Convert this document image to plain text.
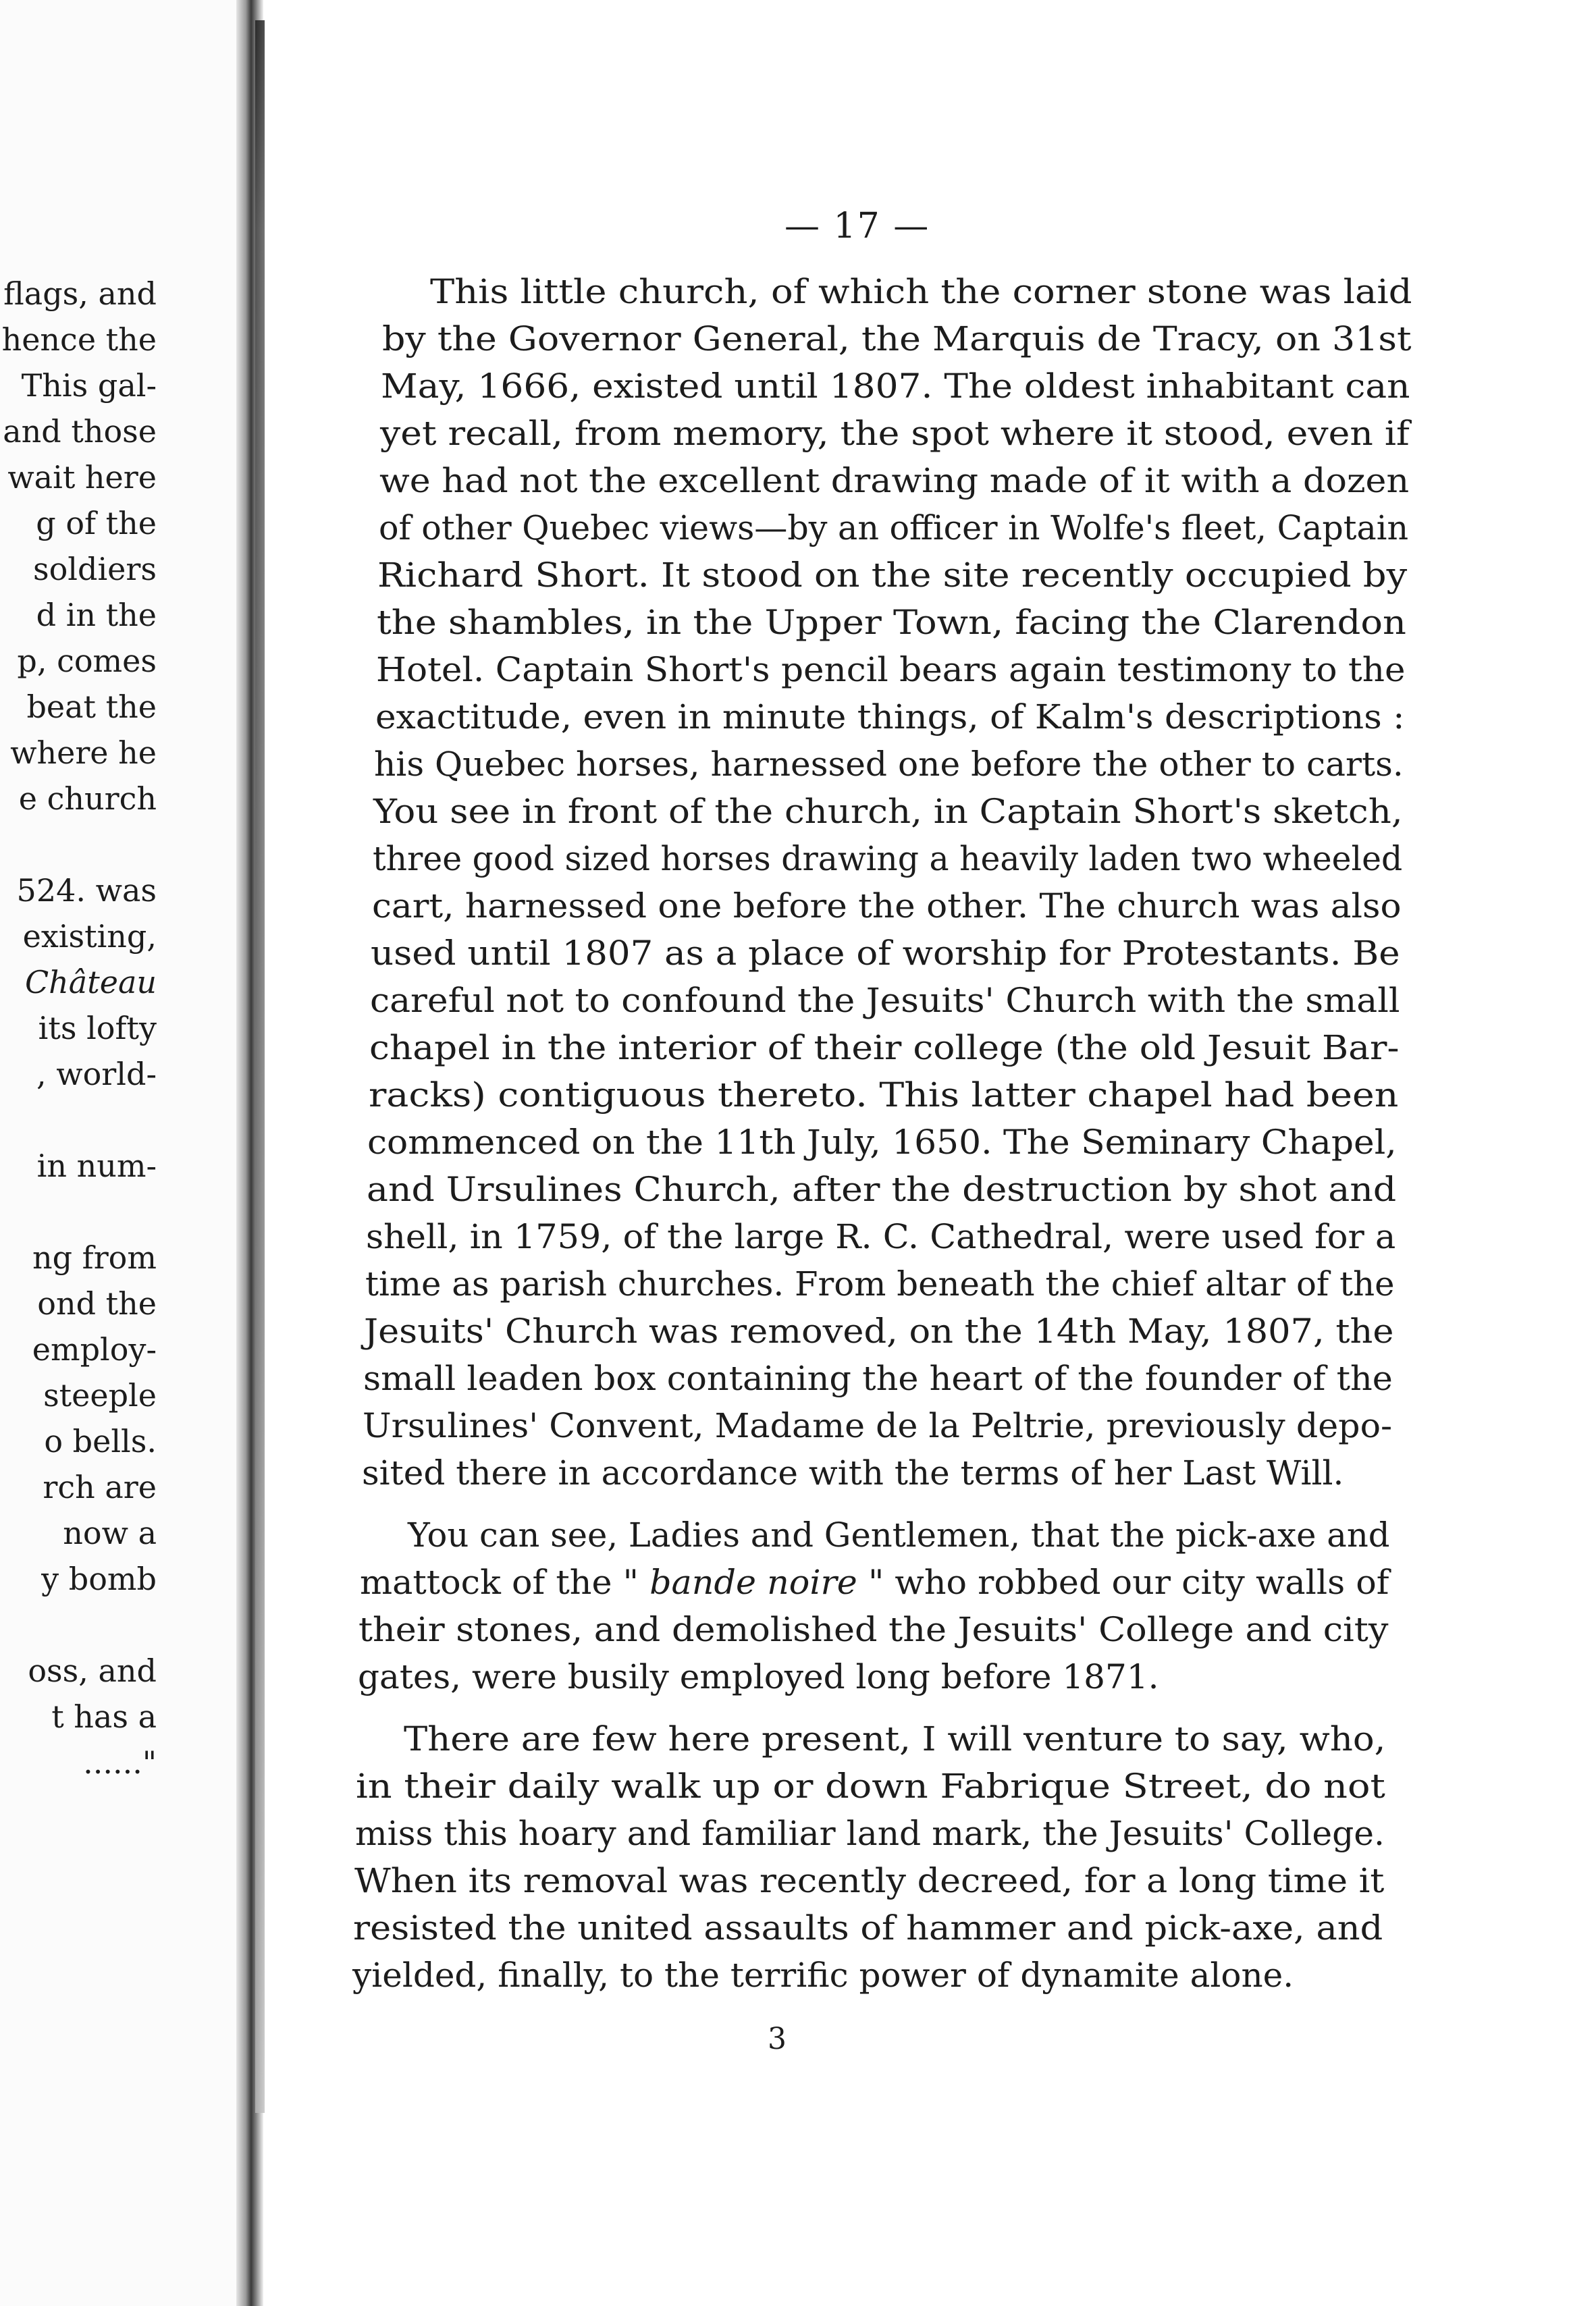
flags, and
hence the
This gal-
and those
wait here
g of the
soldiers
d in the
p, comes
beat the
where he
e church
524. was
existing,
Château
its lofty
, world-
in num-
ng from
ond the
employ-
steeple
o bells.
rch are
now a
y bomb
oss, and
t has a
......"
— 17 —
This little church, of which the corner stone was laid
by the Governor General, the Marquis de Tracy, on 31st
May, 1666, existed until 1807. The oldest inhabitant can
yet recall, from memory, the spot where it stood, even if
we had not the excellent drawing made of it with a dozen
of other Quebec views—by an officer in Wolfe's fleet, Captain
Richard Short. It stood on the site recently occupied by
the shambles, in the Upper Town, facing the Clarendon
Hotel. Captain Short's pencil bears again testimony to the
exactitude, even in minute things, of Kalm's descriptions :
his Quebec horses, harnessed one before the other to carts.
You see in front of the church, in Captain Short's sketch,
three good sized horses drawing a heavily laden two wheeled
cart, harnessed one before the other. The church was also
used until 1807 as a place of worship for Protestants. Be
careful not to confound the Jesuits' Church with the small
chapel in the interior of their college (the old Jesuit Bar-
racks) contiguous thereto. This latter chapel had been
commenced on the 11th July, 1650. The Seminary Chapel,
and Ursulines Church, after the destruction by shot and
shell, in 1759, of the large R. C. Cathedral, were used for a
time as parish churches. From beneath the chief altar of the
Jesuits' Church was removed, on the 14th May, 1807, the
small leaden box containing the heart of the founder of the
Ursulines' Convent, Madame de la Peltrie, previously depo-
sited there in accordance with the terms of her Last Will.
You can see, Ladies and Gentlemen, that the pick-axe and
mattock of the " bande noire " who robbed our city walls of
their stones, and demolished the Jesuits' College and city
gates, were busily employed long before 1871.
There are few here present, I will venture to say, who,
in their daily walk up or down Fabrique Street, do not
miss this hoary and familiar land mark, the Jesuits' College.
When its removal was recently decreed, for a long time it
resisted the united assaults of hammer and pick-axe, and
yielded, finally, to the terrific power of dynamite alone.
3
